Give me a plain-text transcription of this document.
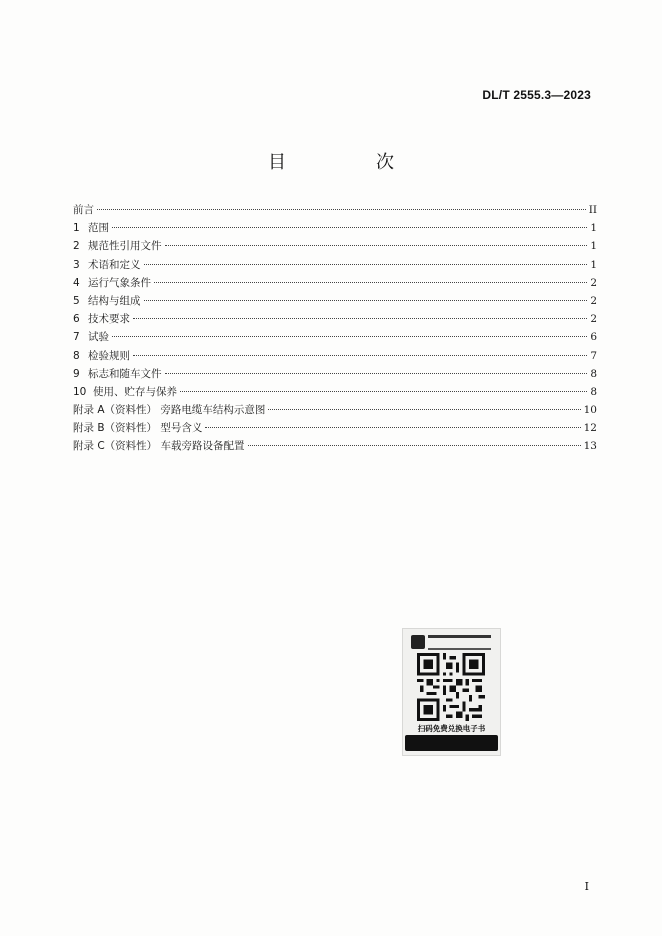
DL/T 2555.3—2023
目　次
前言	II
1 范围	1
2 规范性引用文件	1
3 术语和定义	1
4 运行气象条件	2
5 结构与组成	2
6 技术要求	2
7 试验	6
8 检验规则	7
9 标志和随车文件	8
10 使用、贮存与保养	8
附录 A（资料性） 旁路电缆车结构示意图	10
附录 B（资料性） 型号含义	12
附录 C（资料性） 车载旁路设备配置	13
扫码免费兑换电子书
I
